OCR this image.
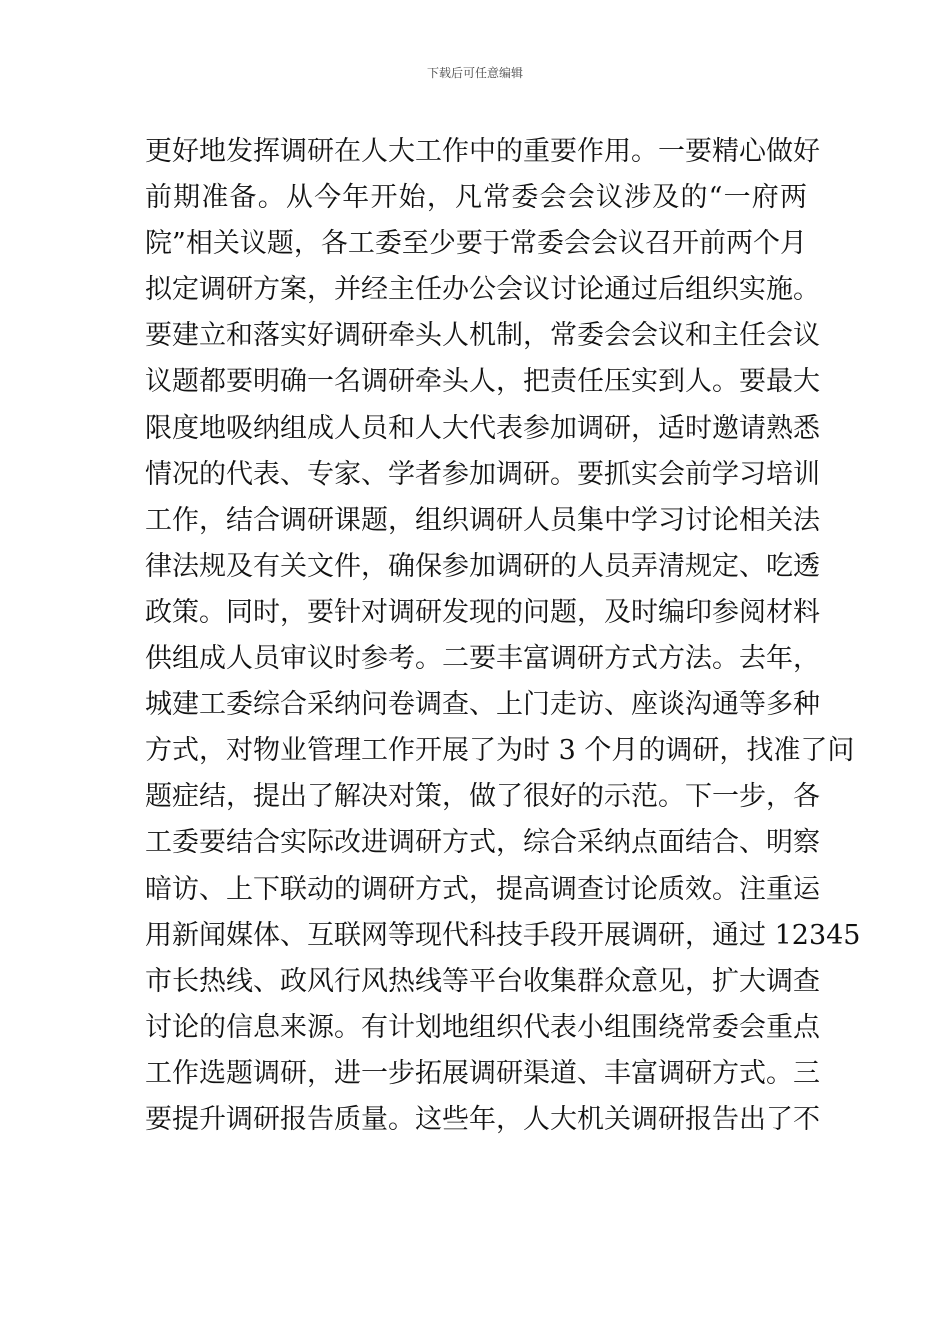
下载后可任意编辑
更好地发挥调研在人大工作中的重要作用。一要精心做好
前期准备。从今年开始，凡常委会会议涉及的“一府两
院”相关议题，各工委至少要于常委会会议召开前两个月
拟定调研方案，并经主任办公会议讨论通过后组织实施。
要建立和落实好调研牵头人机制，常委会会议和主任会议
议题都要明确一名调研牵头人，把责任压实到人。要最大
限度地吸纳组成人员和人大代表参加调研，适时邀请熟悉
情况的代表、专家、学者参加调研。要抓实会前学习培训
工作，结合调研课题，组织调研人员集中学习讨论相关法
律法规及有关文件，确保参加调研的人员弄清规定、吃透
政策。同时，要针对调研发现的问题，及时编印参阅材料
供组成人员审议时参考。二要丰富调研方式方法。去年，
城建工委综合采纳问卷调查、上门走访、座谈沟通等多种
方式，对物业管理工作开展了为时 3 个月的调研，找准了问
题症结，提出了解决对策，做了很好的示范。下一步，各
工委要结合实际改进调研方式，综合采纳点面结合、明察
暗访、上下联动的调研方式，提高调查讨论质效。注重运
用新闻媒体、互联网等现代科技手段开展调研，通过 12345
市长热线、政风行风热线等平台收集群众意见，扩大调查
讨论的信息来源。有计划地组织代表小组围绕常委会重点
工作选题调研，进一步拓展调研渠道、丰富调研方式。三
要提升调研报告质量。这些年，人大机关调研报告出了不
